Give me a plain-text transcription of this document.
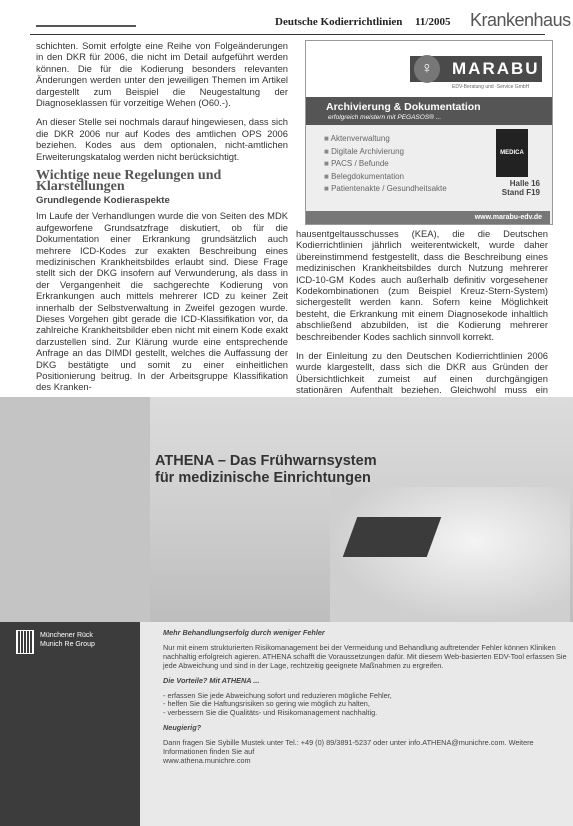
Deutsche Kodierrichtlinien 11/2005 Krankenhaus

schichten. Somit erfolgte eine Reihe von Folgeänderungen in den DKR für 2006, die nicht im Detail aufgeführt werden können. Die für die Kodierung besonders relevanten Änderungen werden unter den jeweiligen Themen im Artikel dargestellt zum Beispiel die Neugestaltung der Diagnoseklassen für vorzeitige Wehen (O60.-).

An dieser Stelle sei nochmals darauf hingewiesen, dass sich die DKR 2006 nur auf Kodes des amtlichen OPS 2006 beziehen. Kodes aus dem optionalen, nicht-amtlichen Erweiterungskatalog werden nicht berücksichtigt.

Wichtige neue Regelungen und Klarstellungen
Grundlegende Kodieraspekte

Im Laufe der Verhandlungen wurde die von Seiten des MDK aufgeworfene Grundsatzfrage diskutiert, ob für die Dokumentation einer Erkrankung grundsätzlich auch mehrere ICD-Kodes zur exakten Beschreibung eines medizinischen Krankheitsbildes erlaubt sind. Diese Frage stellt sich der DKG insofern auf Verwunderung, als dass in der Vergangenheit die sachgerechte Kodierung von Erkrankungen auch mittels mehrerer ICD zu keiner Zeit innerhalb der Selbstverwaltung in Zweifel gezogen wurde. Dieses Vorgehen gibt gerade die ICD-Klassifikation vor, da zahlreiche Krankheitsbilder eben nicht mit einem Kode exakt darzustellen sind. Zur Klärung wurde eine entsprechende Anfrage an das DIMDI gestellt, welches die Auffassung der DKG bestätigte und somit zu einer einheitlichen Positionierung beitrug. In der Arbeitsgruppe Klassifikation des Kranken-

MARABU
♀
EDV-Beratung und -Service GmbH
Archivierung & Dokumentation
erfolgreich meistern mit PEGASOS® ...
■ Aktenverwaltung
■ Digitale Archivierung
■ PACS / Befunde
■ Belegdokumentation
■ Patientenakte / Gesundheitsakte
MEDICA
Halle 16
Stand F19
www.marabu-edv.de

hausentgeltausschusses (KEA), die die Deutschen Kodierrichtlinien jährlich weiterentwickelt, wurde daher übereinstimmend festgestellt, dass die Beschreibung eines medizinischen Krankheitsbildes durch Nutzung mehrerer ICD-10-GM Kodes auch außerhalb definitiv vorgesehener Kodekombinationen (zum Beispiel Kreuz-Stern-System) sichergestellt werden kann. Sofern keine Möglichkeit besteht, die Erkrankung mit einem Diagnosekode inhaltlich abschließend abzubilden, ist die Kodierung mehrerer beschreibender Kodes sachlich sinnvoll korrekt.

In der Einleitung zu den Deutschen Kodierrichtlinien 2006 wurde klargestellt, dass sich die DKR aus Gründen der Übersichtlichkeit zumeist auf einen durchgängigen stationären Aufenthalt beziehen. Gleichwohl muss ein

ATHENA – Das Frühwarnsystem
für medizinische Einrichtungen
Münchener Rück
Munich Re Group

Mehr Behandlungserfolg durch weniger Fehler

Nur mit einem strukturierten Risikomanagement bei der Vermeidung und Behandlung auftretender Fehler können Kliniken nachhaltig erfolgreich agieren. ATHENA schafft die Voraussetzungen dafür. Mit diesem Web-basierten EDV-Tool erfassen Sie jede Abweichung und sind in der Lage, rechtzeitig geeignete Maßnahmen zu ergreifen.

Die Vorteile? Mit ATHENA ...

- erfassen Sie jede Abweichung sofort und reduzieren mögliche Fehler,
- helfen Sie die Haftungsrisiken so gering wie möglich zu halten,
- verbessern Sie die Qualitäts- und Risikomanagement nachhaltig.

Neugierig?

Dann fragen Sie Sybille Mustek unter Tel.: +49 (0) 89/3891-5237 oder unter info.ATHENA@munichre.com. Weitere Informationen finden Sie auf
www.athena.munichre.com
